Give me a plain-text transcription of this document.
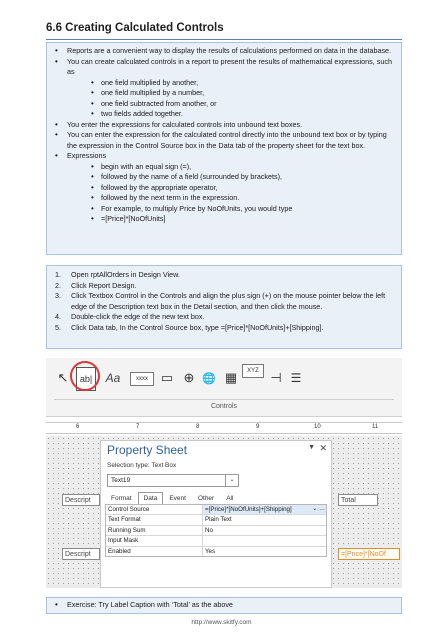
6.6 Creating Calculated Controls
• Reports are a convenient way to display the results of calculations performed on data in the database.
• You can create calculated controls in a report to present the results of mathematical expressions, such as
• one field multiplied by another,
• one field multiplied by a number,
• one field subtracted from another, or
• two fields added together.
• You enter the expressions for calculated controls into unbound text boxes.
• You can enter the expression for the calculated control directly into the unbound text box or by typing the expression in the Control Source box in the Data tab of the property sheet for the text box.
• Expressions
• begin with an equal sign (=),
• followed by the name of a field (surrounded by brackets),
• followed by the appropriate operator,
• followed by the next term in the expression.
• For example, to multiply Price by NoOfUnits, you would type
• =[Price]*[NoOfUnits]
1. Open rptAllOrders in Design View.
2. Click Report Design.
3. Click Textbox Control in the Controls and align the plus sign (+) on the mouse pointer below the left edge of the Description text box in the Detail section, and then click the mouse.
4. Double-click the edge of the new text box.
5. Click Data tab, In the Control Source box, type =[Price]*[NoOfUnits]+[Shipping].
↖	ab|	Aa	xxxx ▭ ⊕ 🌐 ▦	XYZ ⊣ ☰
Controls
6	7	8	9	10	11
Descript
Descript
Total
=[Price]*[NoOf
Property Sheet	▼ ✕
Selection type: Text Box
Text19	⌄
Format	Data	Event	Other	All
Control Source	=[Price]*[NoOfUnits]+[Shipping]	⌄ …
Text Format	Plain Text
Running Sum	No
Input Mask
Enabled	Yes
• Exercise: Try Label Caption with ‘Total’ as the above
http://www.skitfy.com
